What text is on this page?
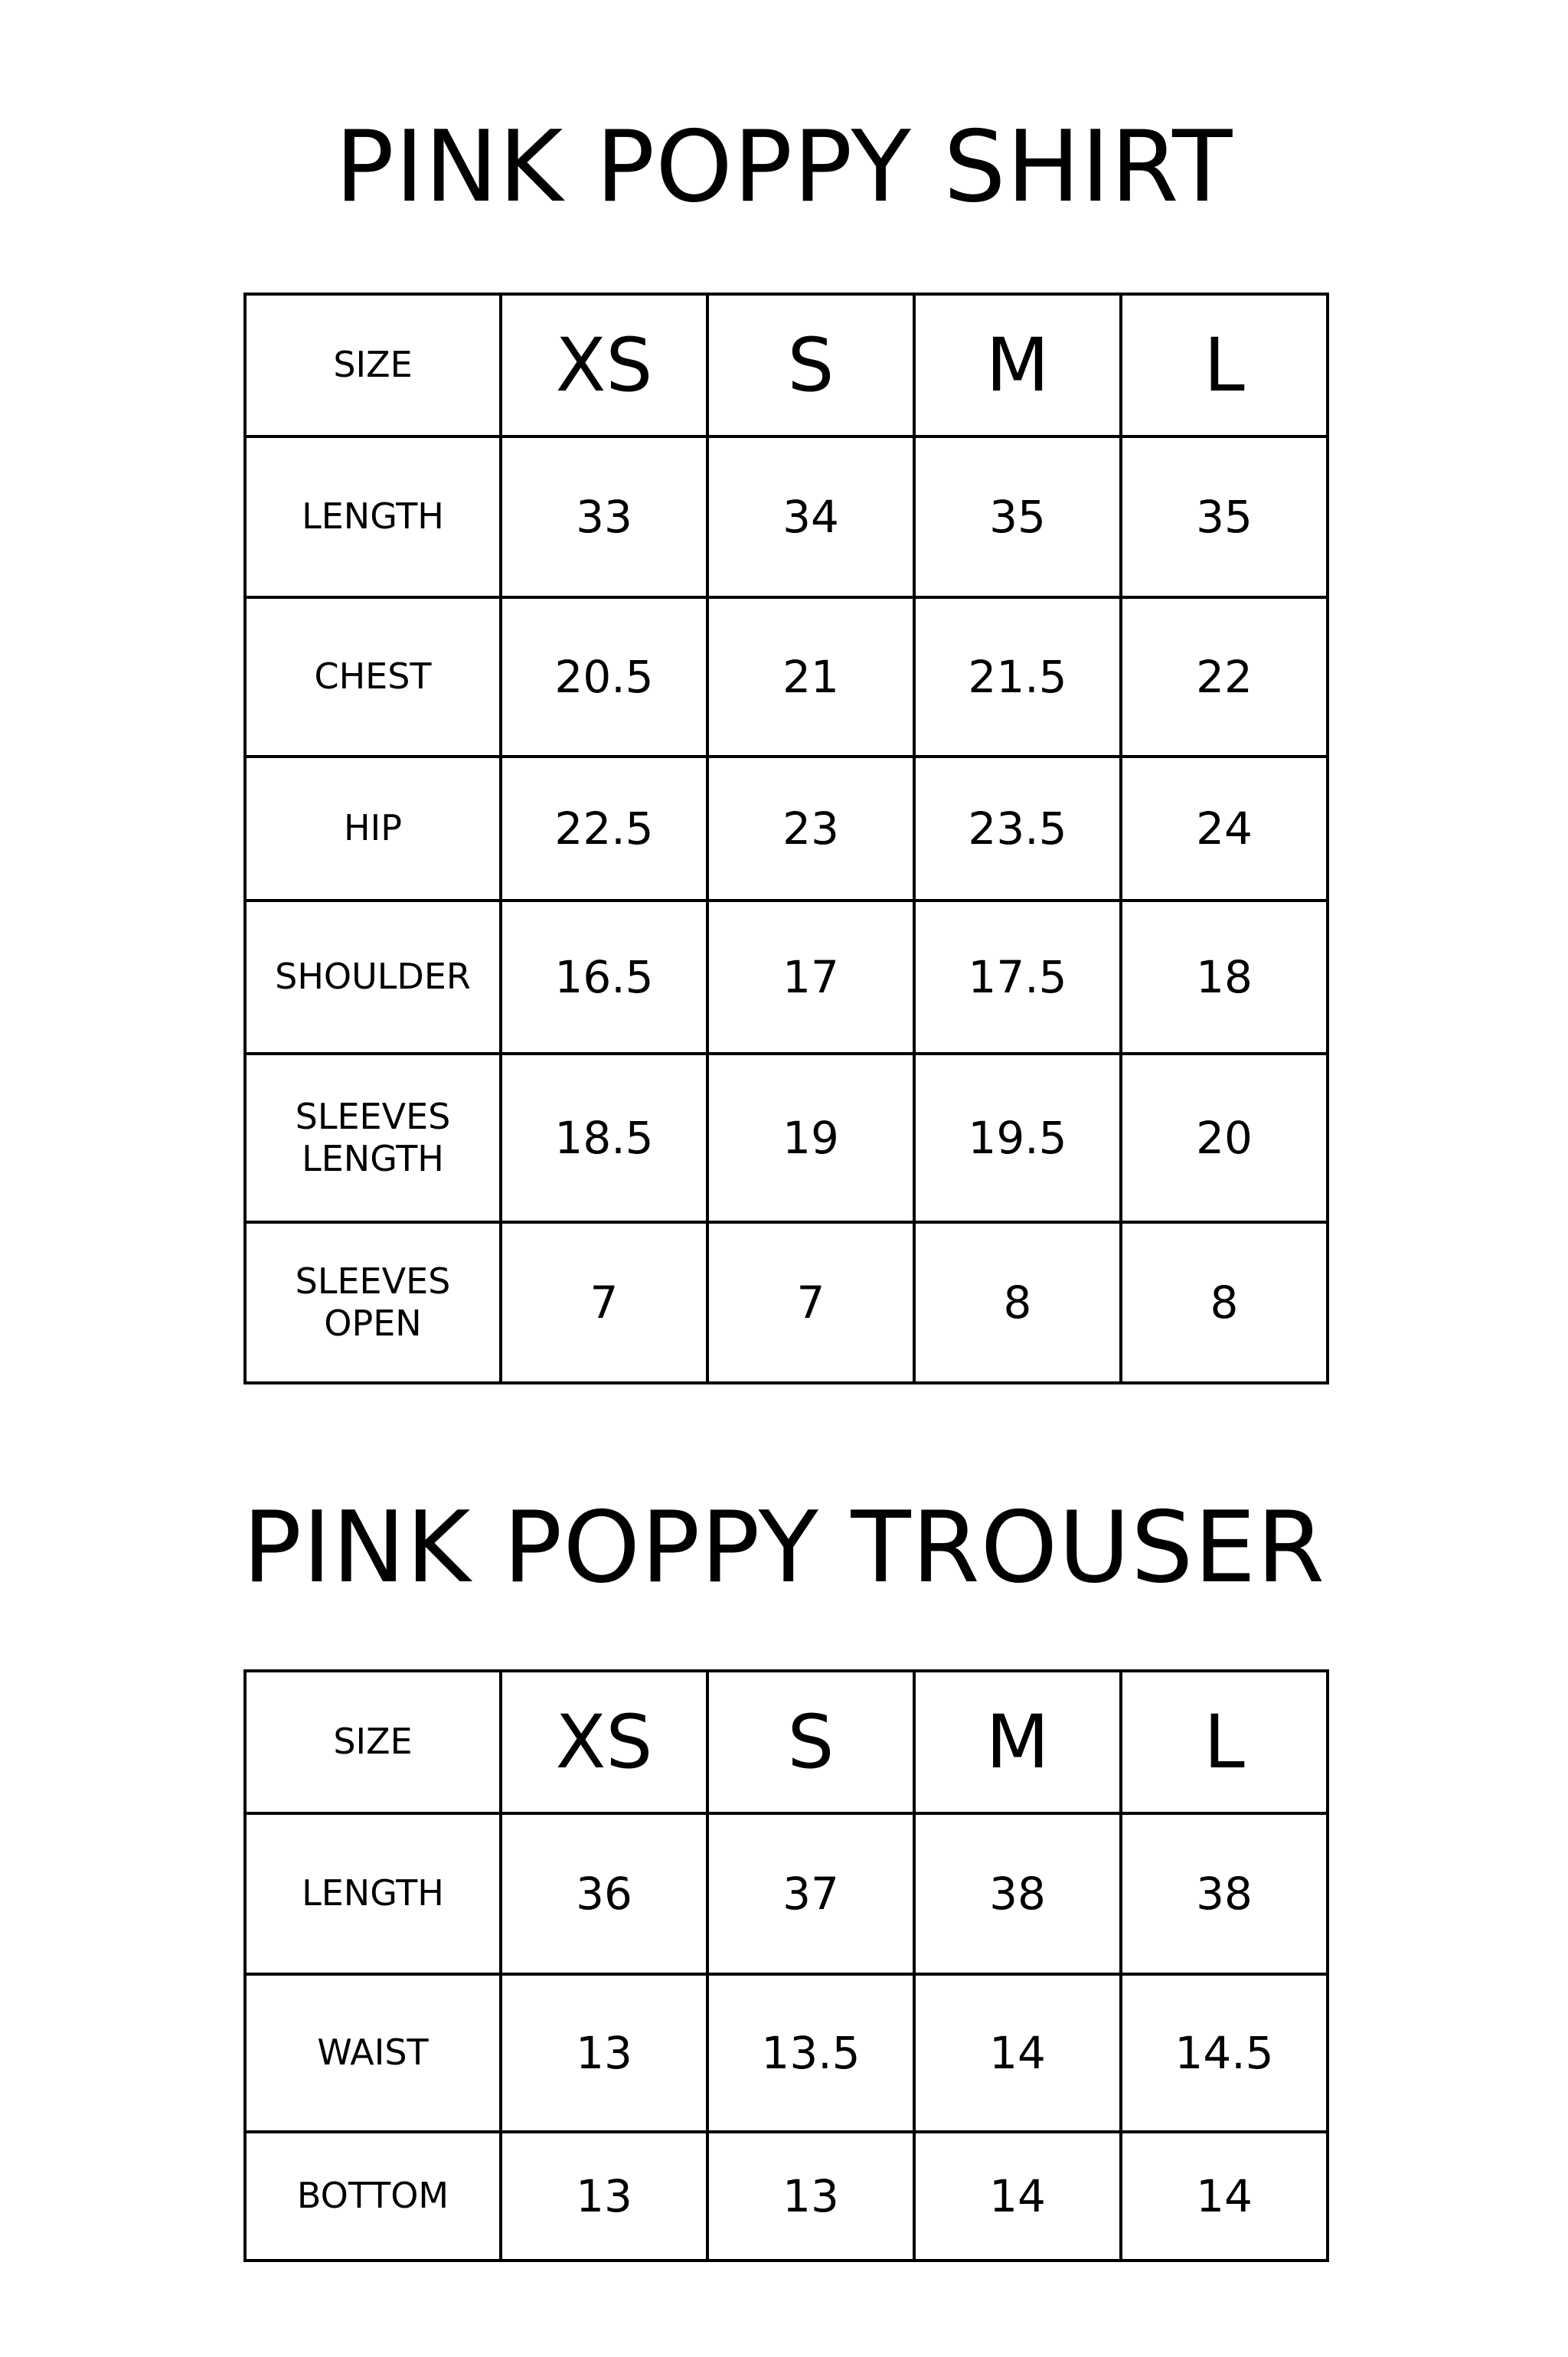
PINK POPPY SHIRT
SIZE	XS	S	M	L
LENGTH	33	34	35	35
CHEST	20.5	21	21.5	22
HIP	22.5	23	23.5	24
SHOULDER	16.5	17	17.5	18
SLEEVES LENGTH	18.5	19	19.5	20
SLEEVES OPEN	7	7	8	8
PINK POPPY TROUSER
SIZE	XS	S	M	L
LENGTH	36	37	38	38
WAIST	13	13.5	14	14.5
BOTTOM	13	13	14	14
